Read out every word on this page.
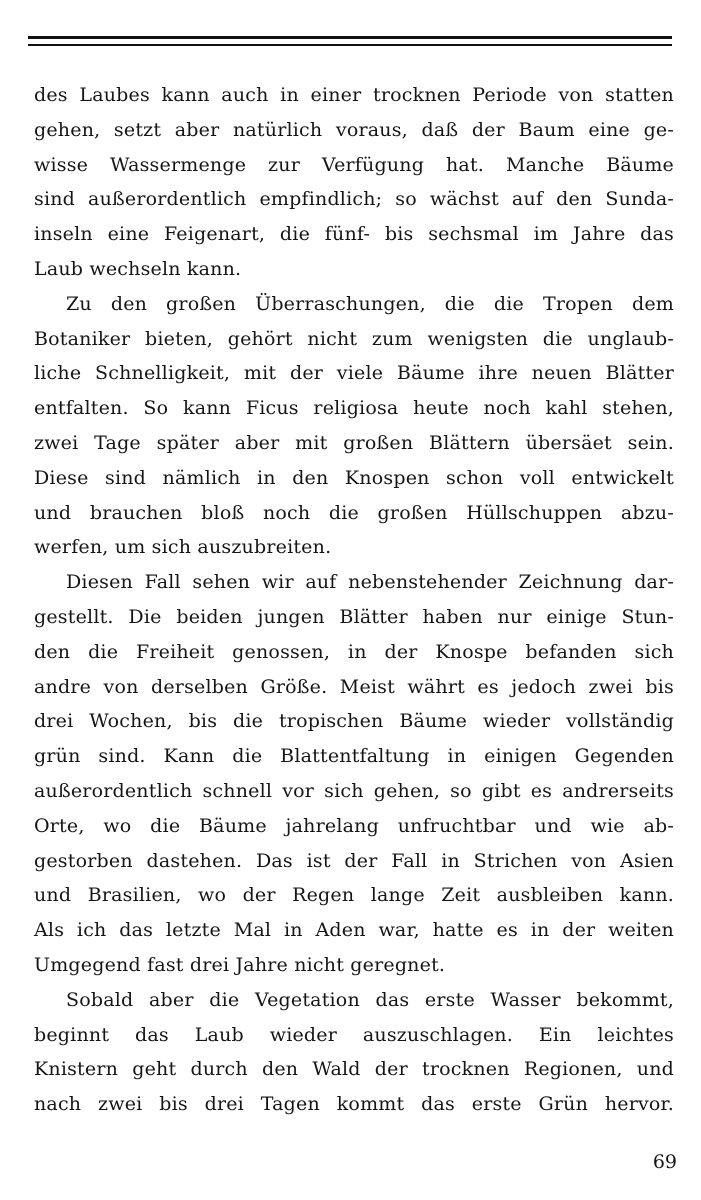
des Laubes kann auch in einer trocknen Periode von statten
gehen, setzt aber natürlich voraus, daß der Baum eine ge-
wisse Wassermenge zur Verfügung hat. Manche Bäume
sind außerordentlich empfindlich; so wächst auf den Sunda-
inseln eine Feigenart, die fünf- bis sechsmal im Jahre das
Laub wechseln kann.
Zu den großen Überraschungen, die die Tropen dem
Botaniker bieten, gehört nicht zum wenigsten die unglaub-
liche Schnelligkeit, mit der viele Bäume ihre neuen Blätter
entfalten. So kann Ficus religiosa heute noch kahl stehen,
zwei Tage später aber mit großen Blättern übersäet sein.
Diese sind nämlich in den Knospen schon voll entwickelt
und brauchen bloß noch die großen Hüllschuppen abzu-
werfen, um sich auszubreiten.
Diesen Fall sehen wir auf nebenstehender Zeichnung dar-
gestellt. Die beiden jungen Blätter haben nur einige Stun-
den die Freiheit genossen, in der Knospe befanden sich
andre von derselben Größe. Meist währt es jedoch zwei bis
drei Wochen, bis die tropischen Bäume wieder vollständig
grün sind. Kann die Blattentfaltung in einigen Gegenden
außerordentlich schnell vor sich gehen, so gibt es andrerseits
Orte, wo die Bäume jahrelang unfruchtbar und wie ab-
gestorben dastehen. Das ist der Fall in Strichen von Asien
und Brasilien, wo der Regen lange Zeit ausbleiben kann.
Als ich das letzte Mal in Aden war, hatte es in der weiten
Umgegend fast drei Jahre nicht geregnet.
Sobald aber die Vegetation das erste Wasser bekommt,
beginnt das Laub wieder auszuschlagen. Ein leichtes
Knistern geht durch den Wald der trocknen Regionen, und
nach zwei bis drei Tagen kommt das erste Grün hervor.
69
